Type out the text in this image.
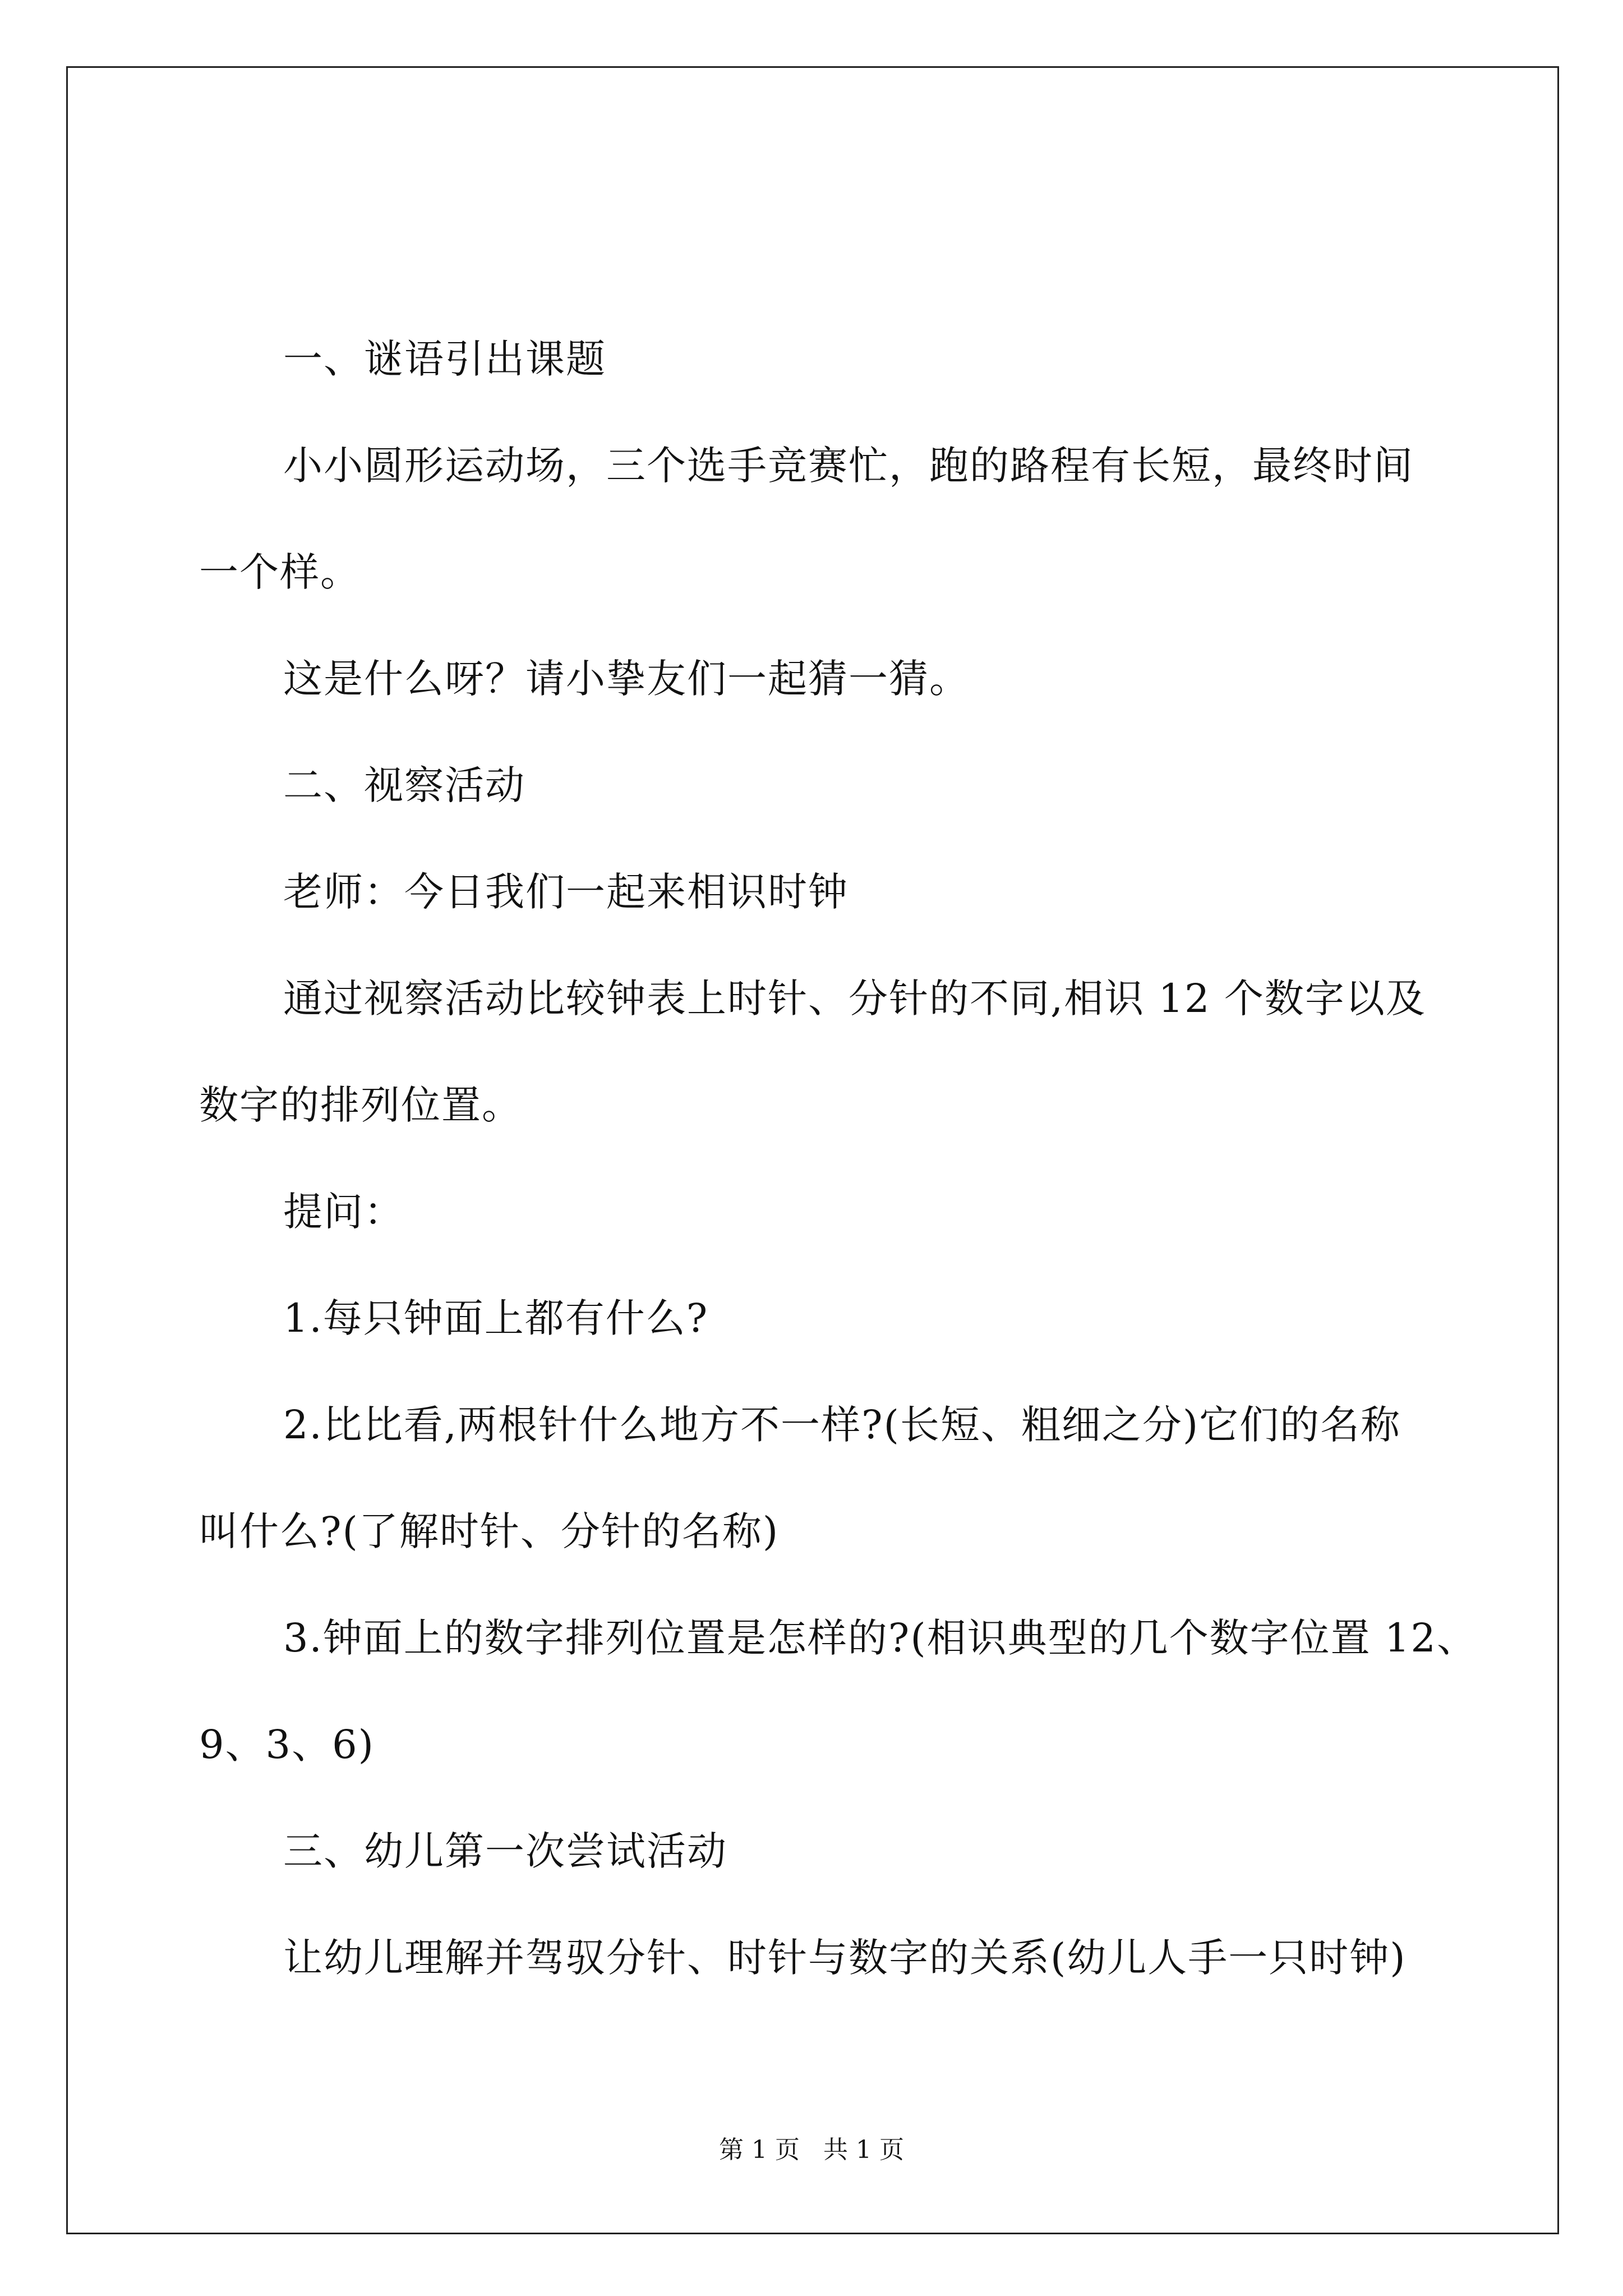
一、谜语引出课题
小小圆形运动场，三个选手竞赛忙，跑的路程有长短，最终时间
一个样。
这是什么呀？请小挚友们一起猜一猜。
二、视察活动
老师：今日我们一起来相识时钟
通过视察活动比较钟表上时针、分针的不同,相识 12 个数字以及
数字的排列位置。
提问：
1.每只钟面上都有什么?
2.比比看,两根针什么地方不一样?(长短、粗细之分)它们的名称
叫什么?(了解时针、分针的名称)
3.钟面上的数字排列位置是怎样的?(相识典型的几个数字位置 12、
9、3、6)
三、幼儿第一次尝试活动
让幼儿理解并驾驭分针、时针与数字的关系(幼儿人手一只时钟)
第 1 页   共 1 页
